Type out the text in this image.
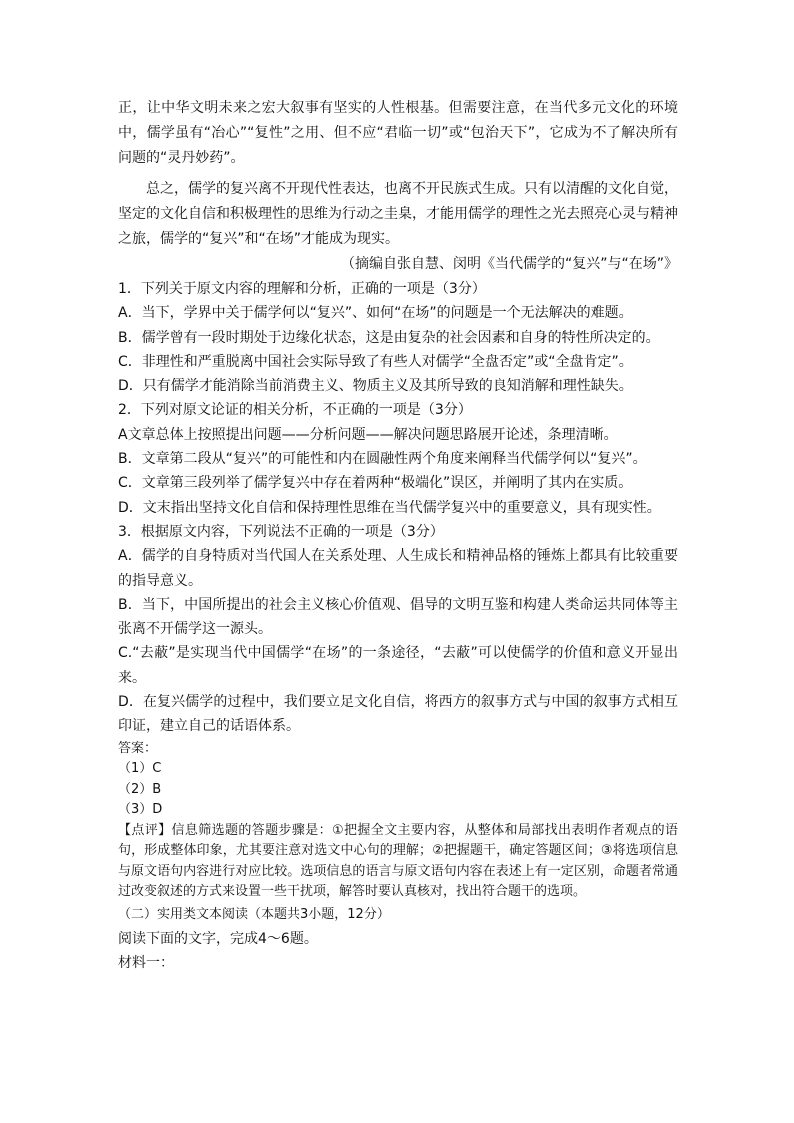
正，让中华文明未来之宏大叙事有坚实的人性根基。但需要注意，在当代多元文化的环境中，儒学虽有“冶心”“复性”之用、但不应“君临一切”或“包治天下”，它成为不了解决所有问题的“灵丹妙药”。

总之，儒学的复兴离不开现代性表达，也离不开民族式生成。只有以清醒的文化自觉，坚定的文化自信和积极理性的思维为行动之圭臬，才能用儒学的理性之光去照亮心灵与精神之旅，儒学的“复兴”和“在场”才能成为现实。

（摘编自张自慧、闵明《当代儒学的“复兴”与“在场”》

1．下列关于原文内容的理解和分析，正确的一项是（3分）

A．当下，学界中关于儒学何以“复兴”、如何“在场”的问题是一个无法解决的难题。

B．儒学曾有一段时期处于边缘化状态，这是由复杂的社会因素和自身的特性所决定的。

C．非理性和严重脱离中国社会实际导致了有些人对儒学“全盘否定”或“全盘肯定”。

D．只有儒学才能消除当前消费主义、物质主义及其所导致的良知消解和理性缺失。

2．下列对原文论证的相关分析，不正确的一项是（3分）

A文章总体上按照提出问题——分析问题——解决问题思路展开论述，条理清晰。

B．文章第二段从“复兴”的可能性和内在圆融性两个角度来阐释当代儒学何以“复兴”。

C．文章第三段列举了儒学复兴中存在着两种“极端化”误区，并阐明了其内在实质。

D．文末指出坚持文化自信和保持理性思维在当代儒学复兴中的重要意义，具有现实性。

3．根据原文内容，下列说法不正确的一项是（3分）

A．儒学的自身特质对当代国人在关系处理、人生成长和精神品格的锤炼上都具有比较重要的指导意义。

B．当下，中国所提出的社会主义核心价值观、倡导的文明互鉴和构建人类命运共同体等主张离不开儒学这一源头。

C.“去蔽”是实现当代中国儒学“在场”的一条途径，“去蔽”可以使儒学的价值和意义开显出来。

D．在复兴儒学的过程中，我们要立足文化自信，将西方的叙事方式与中国的叙事方式相互印证，建立自己的话语体系。

答案：

（1）C

（2）B

（3）D

【点评】信息筛选题的答题步骤是：①把握全文主要内容，从整体和局部找出表明作者观点的语句，形成整体印象，尤其要注意对选文中心句的理解；②把握题干，确定答题区间；③将选项信息与原文语句内容进行对应比较。选项信息的语言与原文语句内容在表述上有一定区别，命题者常通过改变叙述的方式来设置一些干扰项，解答时要认真核对，找出符合题干的选项。

（二）实用类文本阅读（本题共3小题，12分）

阅读下面的文字，完成4～6题。

材料一：
